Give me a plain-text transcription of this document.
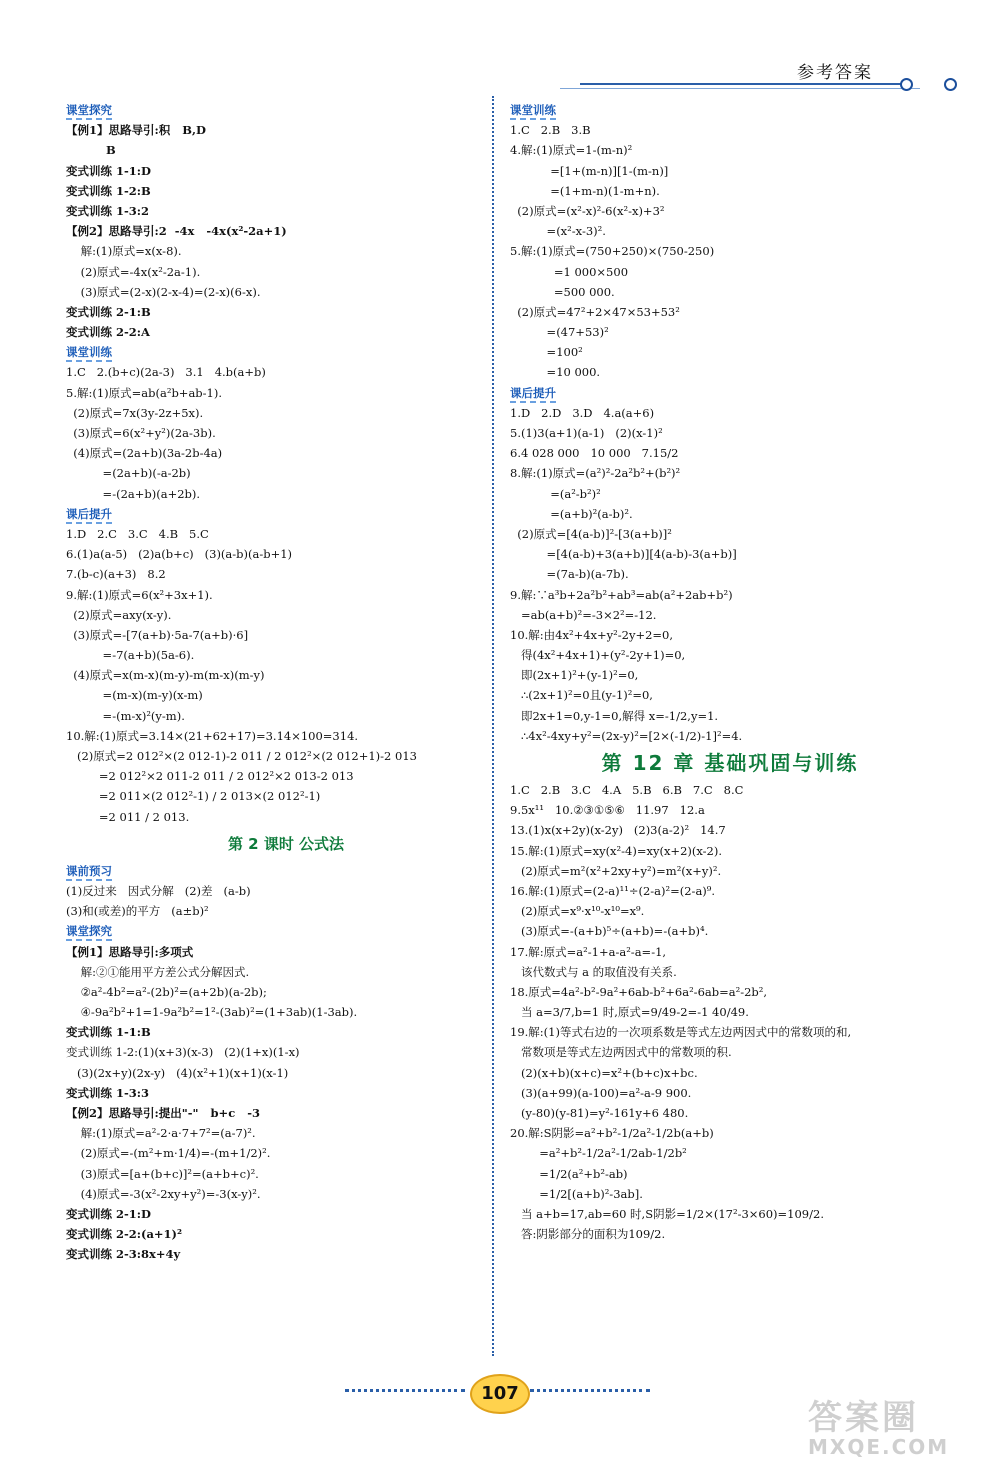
参考答案
课堂探究
【例1】思路导引:积   B,D
B
变式训练 1-1:D
变式训练 1-2:B
变式训练 1-3:2
【例2】思路导引:2  -4x   -4x(x²-2a+1)
解:(1)原式=x(x-8).
(2)原式=-4x(x²-2a-1).
(3)原式=(2-x)(2-x-4)=(2-x)(6-x).
变式训练 2-1:B
变式训练 2-2:A
课堂训练
1.C   2.(b+c)(2a-3)   3.1   4.b(a+b)
5.解:(1)原式=ab(a²b+ab-1).
(2)原式=7x(3y-2z+5x).
(3)原式=6(x²+y²)(2a-3b).
(4)原式=(2a+b)(3a-2b-4a)
=(2a+b)(-a-2b)
=-(2a+b)(a+2b).
课后提升
1.D   2.C   3.C   4.B   5.C
6.(1)a(a-5)   (2)a(b+c)   (3)(a-b)(a-b+1)
7.(b-c)(a+3)   8.2
9.解:(1)原式=6(x²+3x+1).
(2)原式=axy(x-y).
(3)原式=-[7(a+b)·5a-7(a+b)·6]
=-7(a+b)(5a-6).
(4)原式=x(m-x)(m-y)-m(m-x)(m-y)
=(m-x)(m-y)(x-m)
=-(m-x)²(y-m).
10.解:(1)原式=3.14×(21+62+17)=3.14×100=314.
(2)原式=2 012²×(2 012-1)-2 011 / 2 012²×(2 012+1)-2 013
=2 012²×2 011-2 011 / 2 012²×2 013-2 013
=2 011×(2 012²-1) / 2 013×(2 012²-1)
=2 011 / 2 013.
第 2 课时 公式法
课前预习
(1)反过来   因式分解   (2)差   (a-b)
(3)和(或差)的平方   (a±b)²
课堂探究
【例1】思路导引:多项式
解:②①能用平方差公式分解因式.
②a²-4b²=a²-(2b)²=(a+2b)(a-2b);
④-9a²b²+1=1-9a²b²=1²-(3ab)²=(1+3ab)(1-3ab).
变式训练 1-1:B
变式训练 1-2:(1)(x+3)(x-3)   (2)(1+x)(1-x)
(3)(2x+y)(2x-y)   (4)(x²+1)(x+1)(x-1)
变式训练 1-3:3
【例2】思路导引:提出"-"   b+c   -3
解:(1)原式=a²-2·a·7+7²=(a-7)².
(2)原式=-(m²+m·1/4)=-(m+1/2)².
(3)原式=[a+(b+c)]²=(a+b+c)².
(4)原式=-3(x²-2xy+y²)=-3(x-y)².
变式训练 2-1:D
变式训练 2-2:(a+1)²
变式训练 2-3:8x+4y
课堂训练
1.C   2.B   3.B
4.解:(1)原式=1-(m-n)²
=[1+(m-n)][1-(m-n)]
=(1+m-n)(1-m+n).
(2)原式=(x²-x)²-6(x²-x)+3²
=(x²-x-3)².
5.解:(1)原式=(750+250)×(750-250)
=1 000×500
=500 000.
(2)原式=47²+2×47×53+53²
=(47+53)²
=100²
=10 000.
课后提升
1.D   2.D   3.D   4.a(a+6)
5.(1)3(a+1)(a-1)   (2)(x-1)²
6.4 028 000   10 000   7.15/2
8.解:(1)原式=(a²)²-2a²b²+(b²)²
=(a²-b²)²
=(a+b)²(a-b)².
(2)原式=[4(a-b)]²-[3(a+b)]²
=[4(a-b)+3(a+b)][4(a-b)-3(a+b)]
=(7a-b)(a-7b).
9.解:∵a³b+2a²b²+ab³=ab(a²+2ab+b²)
=ab(a+b)²=-3×2²=-12.
10.解:由4x²+4x+y²-2y+2=0,
得(4x²+4x+1)+(y²-2y+1)=0,
即(2x+1)²+(y-1)²=0,
∴(2x+1)²=0且(y-1)²=0,
即2x+1=0,y-1=0,解得 x=-1/2,y=1.
∴4x²-4xy+y²=(2x-y)²=[2×(-1/2)-1]²=4.
第 12 章 基础巩固与训练
1.C   2.B   3.C   4.A   5.B   6.B   7.C   8.C
9.5x¹¹   10.②③①⑤⑥   11.97   12.a
13.(1)x(x+2y)(x-2y)   (2)3(a-2)²   14.7
15.解:(1)原式=xy(x²-4)=xy(x+2)(x-2).
(2)原式=m²(x²+2xy+y²)=m²(x+y)².
16.解:(1)原式=(2-a)¹¹÷(2-a)²=(2-a)⁹.
(2)原式=x⁹·x¹⁰-x¹⁰=x⁹.
(3)原式=-(a+b)⁵÷(a+b)=-(a+b)⁴.
17.解:原式=a²-1+a-a²-a=-1,
该代数式与 a 的取值没有关系.
18.原式=4a²-b²-9a²+6ab-b²+6a²-6ab=a²-2b²,
当 a=3/7,b=1 时,原式=9/49-2=-1 40/49.
19.解:(1)等式右边的一次项系数是等式左边两因式中的常数项的和,
常数项是等式左边两因式中的常数项的积.
(2)(x+b)(x+c)=x²+(b+c)x+bc.
(3)(a+99)(a-100)=a²-a-9 900.
(y-80)(y-81)=y²-161y+6 480.
20.解:S阴影=a²+b²-1/2a²-1/2b(a+b)
=a²+b²-1/2a²-1/2ab-1/2b²
=1/2(a²+b²-ab)
=1/2[(a+b)²-3ab].
当 a+b=17,ab=60 时,S阴影=1/2×(17²-3×60)=109/2.
答:阴影部分的面积为109/2.
107
答案圈
MXQE.COM
